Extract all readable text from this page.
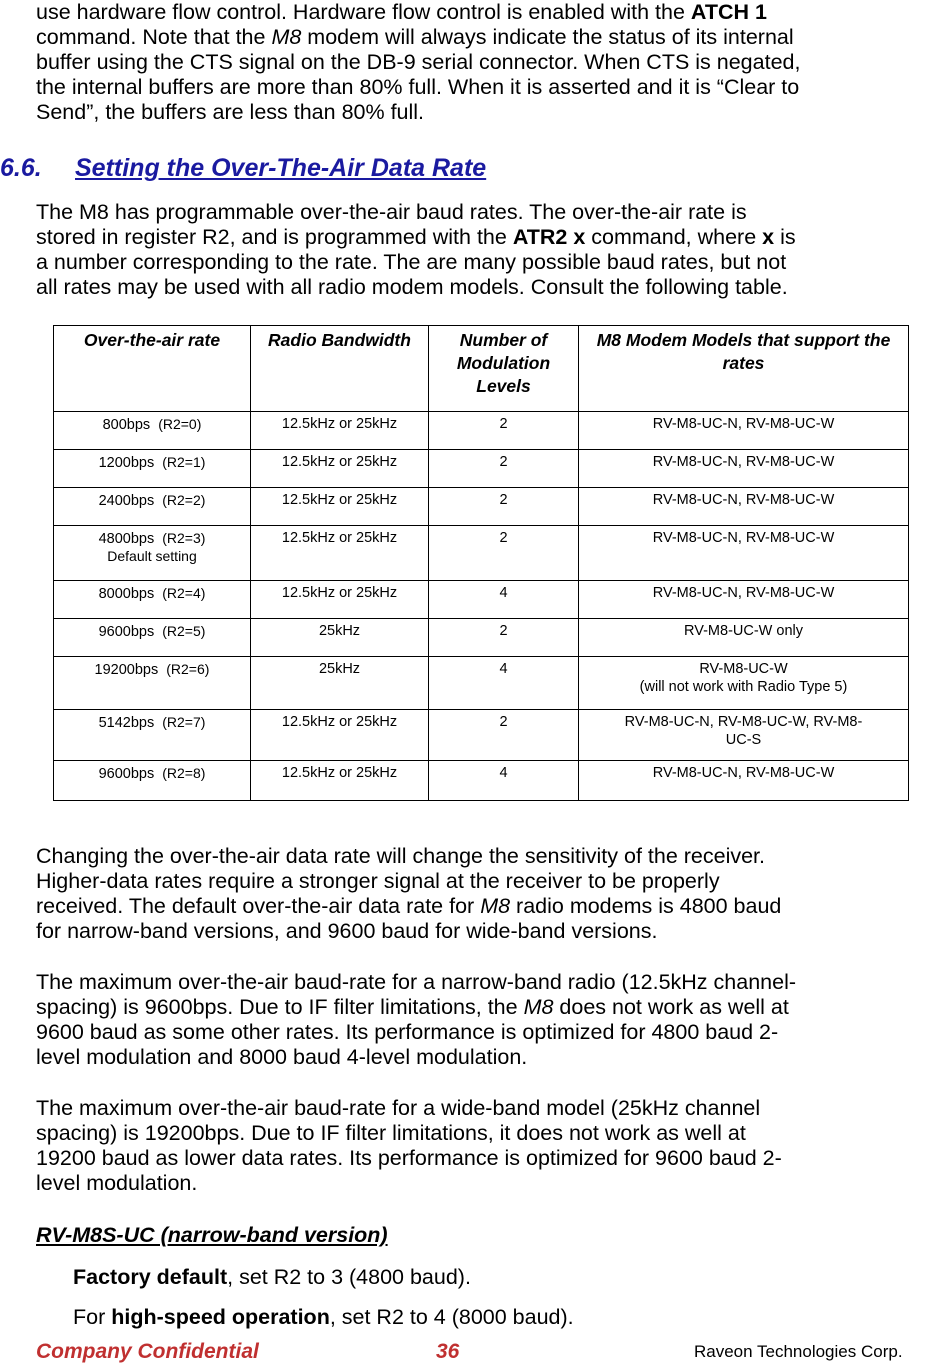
use hardware flow control. Hardware flow control is enabled with the ATCH 1
command. Note that the M8 modem will always indicate the status of its internal
buffer using the CTS signal on the DB-9 serial connector. When CTS is negated,
the internal buffers are more than 80% full. When it is asserted and it is “Clear to
Send”, the buffers are less than 80% full.

6.6. Setting the Over-The-Air Data Rate

The M8 has programmable over-the-air baud rates. The over-the-air rate is
stored in register R2, and is programmed with the ATR2 x command, where x is
a number corresponding to the rate. The are many possible baud rates, but not
all rates may be used with all radio modem models. Consult the following table.

Over-the-air rate	Radio Bandwidth	Number of Modulation Levels	M8 Modem Models that support the rates
800bps (R2=0)	12.5kHz or 25kHz	2	RV-M8-UC-N, RV-M8-UC-W
1200bps (R2=1)	12.5kHz or 25kHz	2	RV-M8-UC-N, RV-M8-UC-W
2400bps (R2=2)	12.5kHz or 25kHz	2	RV-M8-UC-N, RV-M8-UC-W
4800bps (R2=3)
Default setting	12.5kHz or 25kHz	2	RV-M8-UC-N, RV-M8-UC-W
8000bps (R2=4)	12.5kHz or 25kHz	4	RV-M8-UC-N, RV-M8-UC-W
9600bps (R2=5)	25kHz	2	RV-M8-UC-W only
19200bps (R2=6)	25kHz	4	RV-M8-UC-W
(will not work with Radio Type 5)

5142bps (R2=7)	12.5kHz or 25kHz	2	RV-M8-UC-N, RV-M8-UC-W, RV-M8-
UC-S

9600bps (R2=8)	12.5kHz or 25kHz	4	RV-M8-UC-N, RV-M8-UC-W

Changing the over-the-air data rate will change the sensitivity of the receiver.
Higher-data rates require a stronger signal at the receiver to be properly
received. The default over-the-air data rate for M8 radio modems is 4800 baud
for narrow-band versions, and 9600 baud for wide-band versions.

The maximum over-the-air baud-rate for a narrow-band radio (12.5kHz channel-
spacing) is 9600bps. Due to IF filter limitations, the M8 does not work as well at
9600 baud as some other rates. Its performance is optimized for 4800 baud 2-
level modulation and 8000 baud 4-level modulation.

The maximum over-the-air baud-rate for a wide-band model (25kHz channel
spacing) is 19200bps. Due to IF filter limitations, it does not work as well at
19200 baud as lower data rates. Its performance is optimized for 9600 baud 2-
level modulation.

RV-M8S-UC (narrow-band version)

Factory default, set R2 to 3 (4800 baud).

For high-speed operation, set R2 to 4 (8000 baud).

Company Confidential	36	Raveon Technologies Corp.
